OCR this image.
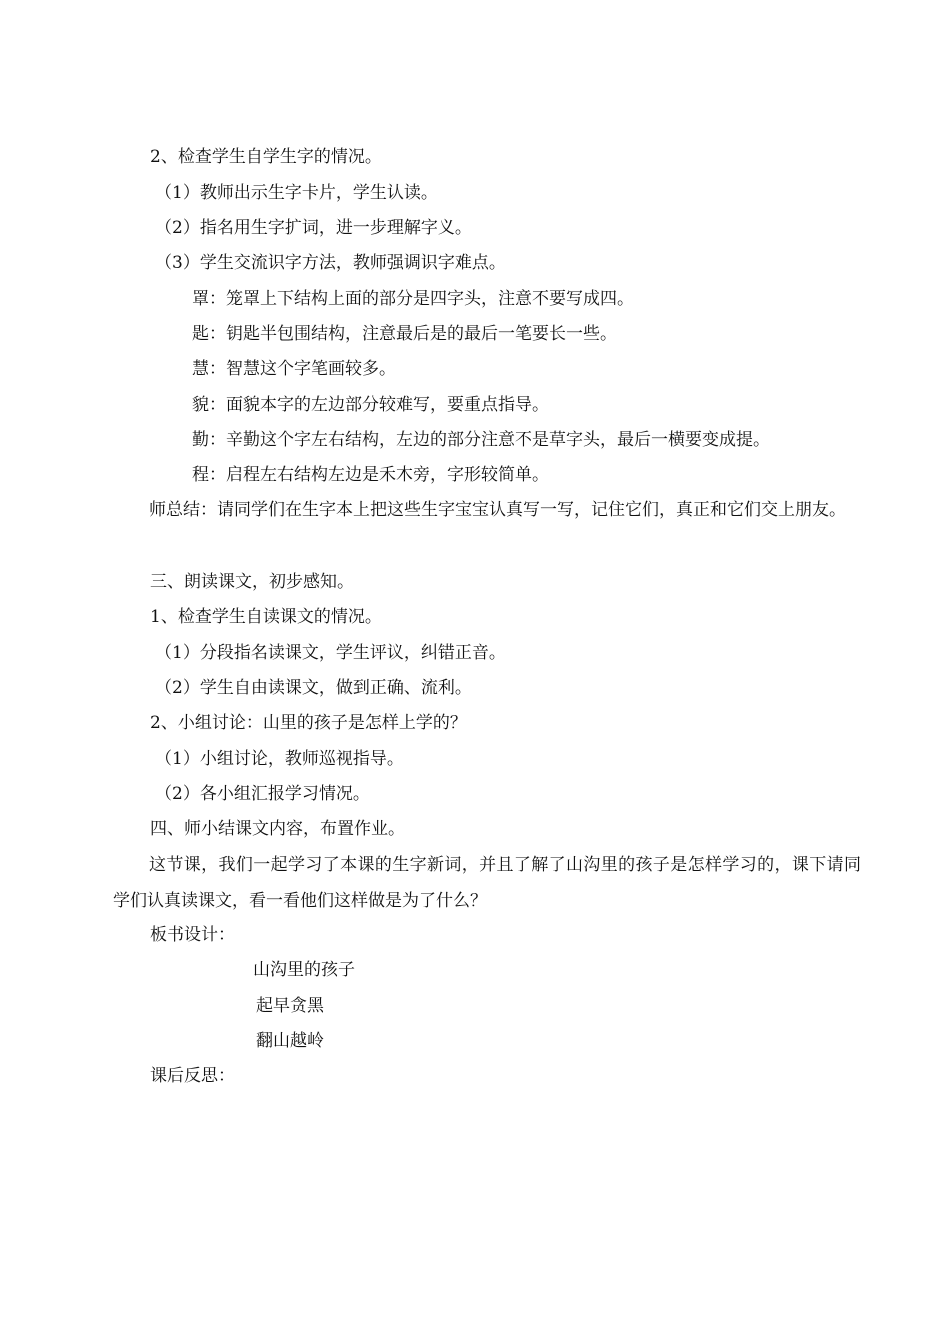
2、检查学生自学生字的情况。
（1）教师出示生字卡片，学生认读。
（2）指名用生字扩词，进一步理解字义。
（3）学生交流识字方法，教师强调识字难点。
罩：笼罩上下结构上面的部分是四字头，注意不要写成四。
匙：钥匙半包围结构，注意最后是的最后一笔要长一些。
慧：智慧这个字笔画较多。
貌：面貌本字的左边部分较难写，要重点指导。
勤：辛勤这个字左右结构，左边的部分注意不是草字头，最后一横要变成提。
程：启程左右结构左边是禾木旁，字形较简单。
师总结：请同学们在生字本上把这些生字宝宝认真写一写，记住它们，真正和它们交上朋友。
三、朗读课文，初步感知。
1、检查学生自读课文的情况。
（1）分段指名读课文，学生评议，纠错正音。
（2）学生自由读课文，做到正确、流利。
2、小组讨论：山里的孩子是怎样上学的？
（1）小组讨论，教师巡视指导。
（2）各小组汇报学习情况。
四、师小结课文内容，布置作业。
这节课，我们一起学习了本课的生字新词，并且了解了山沟里的孩子是怎样学习的，课下请同学们认真读课文，看一看他们这样做是为了什么？
板书设计：
山沟里的孩子
起早贪黑
翻山越岭
课后反思：
